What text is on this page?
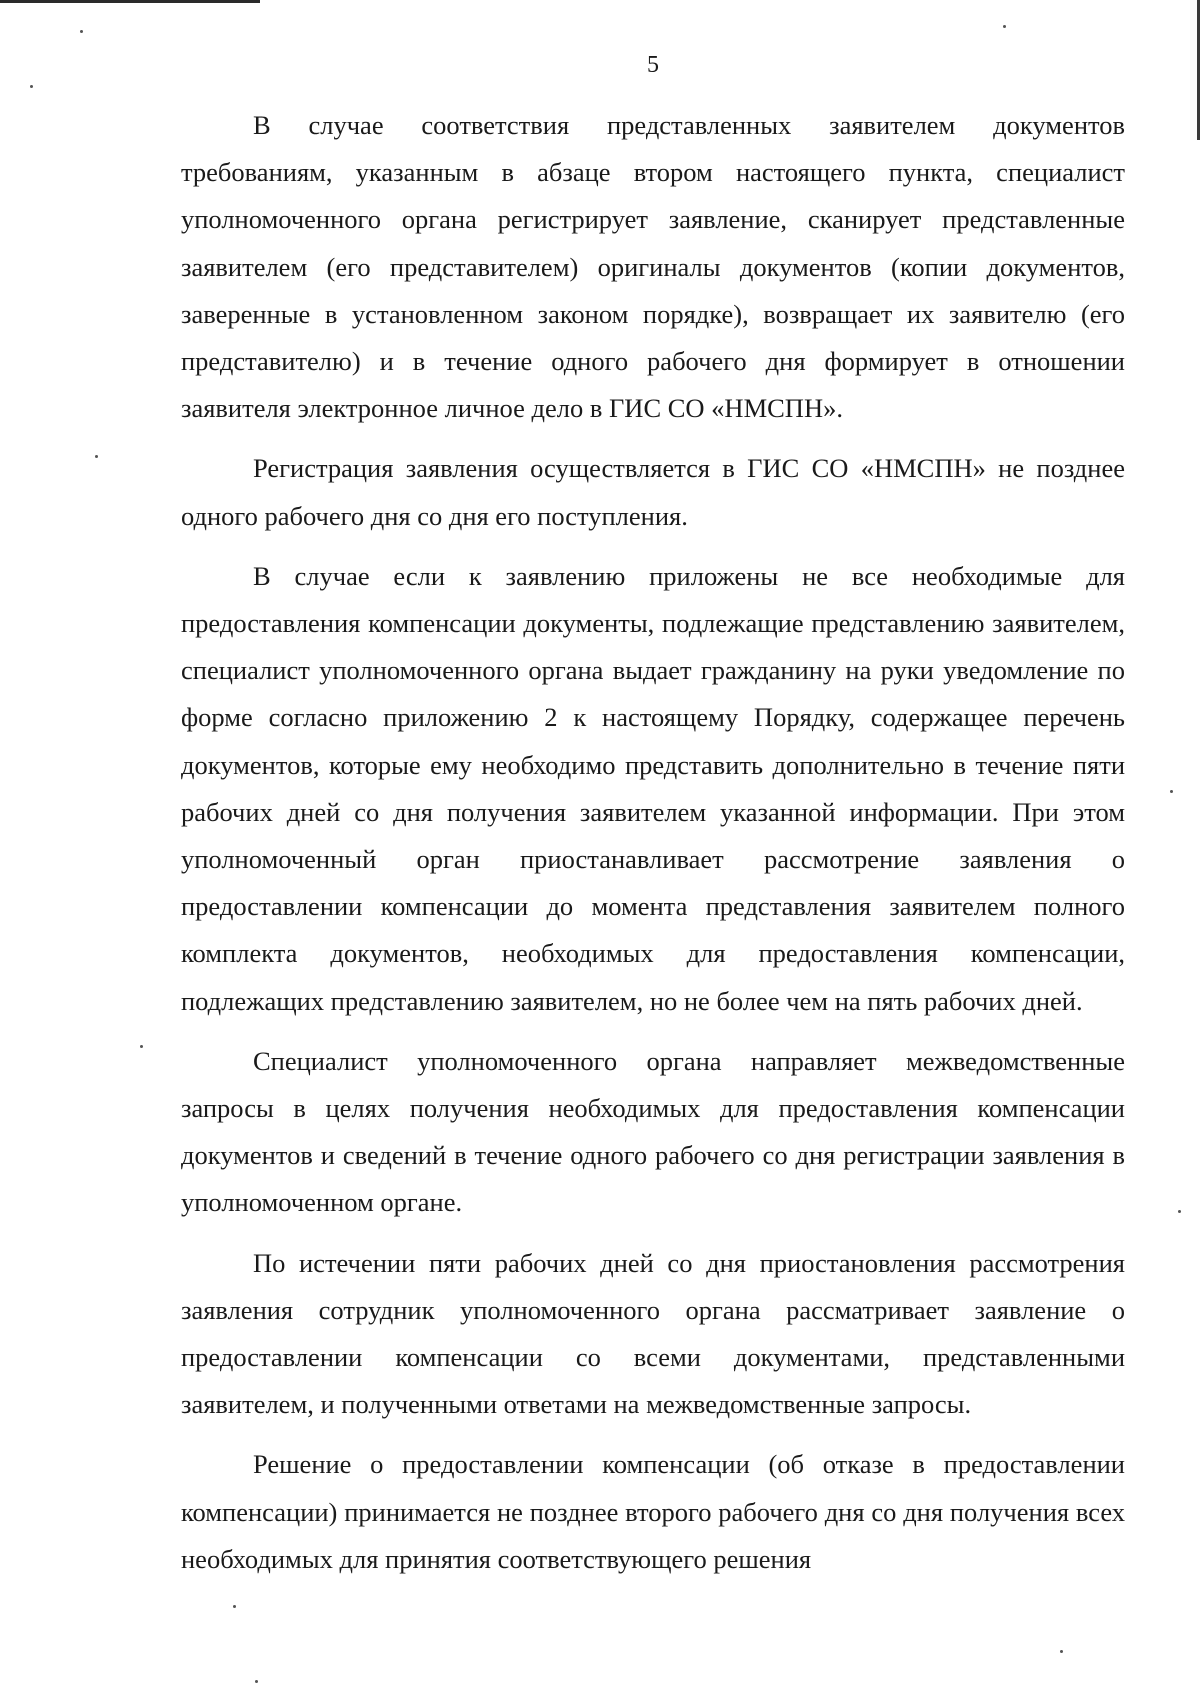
5

В случае соответствия представленных заявителем документов требованиям, указанным в абзаце втором настоящего пункта, специалист уполномоченного органа регистрирует заявление, сканирует представленные заявителем (его представителем) оригиналы документов (копии документов, заверенные в установленном законом порядке), возвращает их заявителю (его представителю) и в течение одного рабочего дня формирует в отношении заявителя электронное личное дело в ГИС СО «НМСПН».

Регистрация заявления осуществляется в ГИС СО «НМСПН» не позднее одного рабочего дня со дня его поступления.

В случае если к заявлению приложены не все необходимые для предоставления компенсации документы, подлежащие представлению заявителем, специалист уполномоченного органа выдает гражданину на руки уведомление по форме согласно приложению 2 к настоящему Порядку, содержащее перечень документов, которые ему необходимо представить дополнительно в течение пяти рабочих дней со дня получения заявителем указанной информации. При этом уполномоченный орган приостанавливает рассмотрение заявления о предоставлении компенсации до момента представления заявителем полного комплекта документов, необходимых для предоставления компенсации, подлежащих представлению заявителем, но не более чем на пять рабочих дней.

Специалист уполномоченного органа направляет межведомственные запросы в целях получения необходимых для предоставления компенсации документов и сведений в течение одного рабочего со дня регистрации заявления в уполномоченном органе.

По истечении пяти рабочих дней со дня приостановления рассмотрения заявления сотрудник уполномоченного органа рассматривает заявление о предоставлении компенсации со всеми документами, представленными заявителем, и полученными ответами на межведомственные запросы.

Решение о предоставлении компенсации (об отказе в предоставлении компенсации) принимается не позднее второго рабочего дня со дня получения всех необходимых для принятия соответствующего решения
